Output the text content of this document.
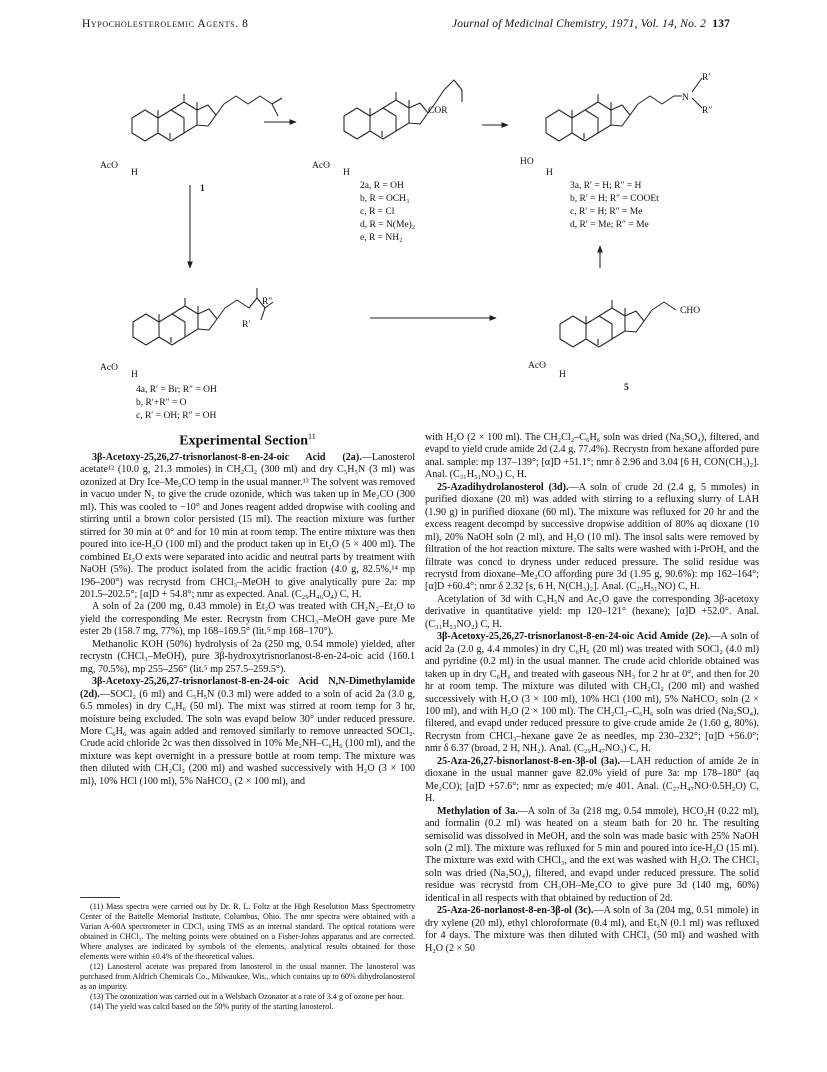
Hypocholesterolemic Agents. 8	Journal of Medicinal Chemistry, 1971, Vol. 14, No. 2 137
AcO
H
COR
AcO
H
N
R′
R″
HO
H
R″
R′
AcO
H
CHO
AcO
H
1	2a, R = OH
b, R = OCH₃
c, R = Cl
d, R = N(Me)₂
e, R = NH₂
3a, R′ = H; R″ = H
b, R′ = H; R″ = COOEt
c, R′ = H; R″ = Me
d, R′ = Me; R″ = Me
4a, R′ = Br; R″ = OH
b, R′+R″ = O
c, R′ = OH; R″ = OH
5
Experimental Section$^{11}$

3β-Acetoxy-25,26,27-trisnorlanost-8-en-24-oic Acid (2a).—Lanosterol acetate¹² (10.0 g, 21.3 mmoles) in CH₂Cl₂ (300 ml) and dry C₅H₅N (3 ml) was ozonized at Dry Ice–Me₂CO temp in the usual manner.¹³ The solvent was removed in vacuo under N₂ to give the crude ozonide, which was taken up in Me₂CO (300 ml). This was cooled to −10° and Jones reagent added dropwise with cooling and stirring until a brown color persisted (15 ml). The reaction mixture was further stirred for 30 min at 0° and for 10 min at room temp. The entire mixture was then poured into ice-H₂O (100 ml) and the product taken up in Et₂O (5 × 400 ml). The combined Et₂O exts were separated into acidic and neutral parts by treatment with NaOH (5%). The product isolated from the acidic fraction (4.0 g, 82.5%,¹⁴ mp 196–200°) was recrystd from CHCl₃–MeOH to give analytically pure 2a: mp 201.5–202.5°; [α]D + 54.8°; nmr as expected. Anal. (C₂₉H₄₆O₄) C, H.

A soln of 2a (200 mg, 0.43 mmole) in Et₂O was treated with CH₂N₂–Et₂O to yield the corresponding Me ester. Recrystn from CHCl₃–MeOH gave pure Me ester 2b (158.7 mg, 77%), mp 168–169.5° (lit.⁵ mp 168–170°).

Methanolic KOH (50%) hydrolysis of 2a (250 mg, 0.54 mmole) yielded, after recrystn (CHCl₃–MeOH), pure 3β-hydroxytrisnorlanost-8-en-24-oic acid (160.1 mg, 70.5%), mp 255–256° (lit.⁵ mp 257.5–259.5°).

3β-Acetoxy-25,26,27-trisnorlanost-8-en-24-oic Acid N,N-Dimethylamide (2d).—SOCl₂ (6 ml) and C₅H₅N (0.3 ml) were added to a soln of acid 2a (3.0 g, 6.5 mmoles) in dry C₆H₆ (50 ml). The mixt was stirred at room temp for 3 hr, moisture being excluded. The soln was evapd below 30° under reduced pressure. More C₆H₆ was again added and removed similarly to remove unreacted SOCl₂. Crude acid chloride 2c was then dissolved in 10% Me₂NH–C₆H₆ (100 ml), and the mixture was kept overnight in a pressure bottle at room temp. The mixture was then diluted with CH₂Cl₂ (200 ml) and washed successively with H₂O (3 × 100 ml), 10% HCl (100 ml), 5% NaHCO₃ (2 × 100 ml), and

(11) Mass spectra were carried out by Dr. R. L. Foltz at the High Resolution Mass Spectrometry Center of the Battelle Memorial Institute, Columbus, Ohio. The nmr spectra were obtained with a Varian A-60A spectrometer in CDCl₃ using TMS as an internal standard. The optical rotations were obtained in CHCl₃. The melting points were obtained on a Fisher-Johns apparatus and are corrected. Where analyses are indicated by symbols of the elements, analytical results obtained for those elements were within ±0.4% of the theoretical values.

(12) Lanosterol acetate was prepared from lanosterol in the usual manner. The lanosterol was purchased from Aldrich Chemicals Co., Milwaukee, Wis., which contains up to 60% dihydrolanosterol as an impurity.

(13) The ozonization was carried out in a Welsbach Ozonator at a rate of 3.4 g of ozone per hour.

(14) The yield was calcd based on the 50% purity of the starting lanosterol.

with H₂O (2 × 100 ml). The CH₂Cl₂–C₆H₆ soln was dried (Na₂SO₄), filtered, and evapd to yield crude amide 2d (2.4 g, 77.4%). Recrystn from hexane afforded pure anal. sample: mp 137–139°; [α]D +51.1°; nmr δ 2.96 and 3.04 [6 H, CON(CH₃)₂]. Anal. (C₃₁H₅₁NO₃) C, H.

25-Azadihydrolanosterol (3d).—A soln of crude 2d (2.4 g, 5 mmoles) in purified dioxane (20 ml) was added with stirring to a refluxing slurry of LAH (1.90 g) in purified dioxane (60 ml). The mixture was refluxed for 20 hr and the excess reagent decompd by successive dropwise addition of 80% aq dioxane (10 ml), 20% NaOH soln (2 ml), and H₂O (10 ml). The insol salts were removed by filtration of the hot reaction mixture. The salts were washed with i-PrOH, and the filtrate was concd to dryness under reduced pressure. The solid residue was recrystd from dioxane–Me₂CO affording pure 3d (1.95 g, 90.6%): mp 162–164°; [α]D +60.4°; nmr δ 2.32 [s, 6 H, N(CH₃)₂]. Anal. (C₂₉H₅₁NO) C, H.

Acetylation of 3d with C₅H₅N and Ac₂O gave the corresponding 3β-acetoxy derivative in quantitative yield: mp 120–121° (hexane); [α]D +52.0°. Anal. (C₃₁H₅₃NO₂) C, H.

3β-Acetoxy-25,26,27-trisnorlanost-8-en-24-oic Acid Amide (2e).—A soln of acid 2a (2.0 g, 4.4 mmoles) in dry C₆H₆ (20 ml) was treated with SOCl₂ (4.0 ml) and pyridine (0.2 ml) in the usual manner. The crude acid chloride obtained was taken up in dry C₆H₆ and treated with gaseous NH₃ for 2 hr at 0°, and then for 20 hr at room temp. The mixture was diluted with CH₂Cl₂ (200 ml) and washed successively with H₂O (3 × 100 ml), 10% HCl (100 ml), 5% NaHCO₃ soln (2 × 100 ml), and with H₂O (2 × 100 ml). The CH₂Cl₂–C₆H₆ soln was dried (Na₂SO₄), filtered, and evapd under reduced pressure to give crude amide 2e (1.60 g, 80%). Recrystn from CHCl₃–hexane gave 2e as needles, mp 230–232°; [α]D +56.0°; nmr δ 6.37 (broad, 2 H, NH₂). Anal. (C₂₉H₄₇NO₃) C, H.

25-Aza-26,27-bisnorlanost-8-en-3β-ol (3a).—LAH reduction of amide 2e in dioxane in the usual manner gave 82.0% yield of pure 3a: mp 178–180° (aq Me₂CO); [α]D +57.6°; nmr as expected; m/e 401. Anal. (C₂₇H₄₇NO·0.5H₂O) C, H.

Methylation of 3a.—A soln of 3a (218 mg, 0.54 mmole), HCO₂H (0.22 ml), and formalin (0.2 ml) was heated on a steam bath for 20 hr. The resulting semisolid was dissolved in MeOH, and the soln was made basic with 25% NaOH soln (2 ml). The mixture was refluxed for 5 min and poured into ice-H₂O (15 ml). The mixture was extd with CHCl₃, and the ext was washed with H₂O. The CHCl₃ soln was dried (Na₂SO₄), filtered, and evapd under reduced pressure. The solid residue was recrystd from CH₃OH–Me₂CO to give pure 3d (140 mg, 60%) identical in all respects with that obtained by reduction of 2d.

25-Aza-26-norlanost-8-en-3β-ol (3c).—A soln of 3a (204 mg, 0.51 mmole) in dry xylene (20 ml), ethyl chloroformate (0.4 ml), and Et₃N (0.1 ml) was refluxed for 4 days. The mixture was then diluted with CHCl₃ (50 ml) and washed with H₂O (2 × 50
